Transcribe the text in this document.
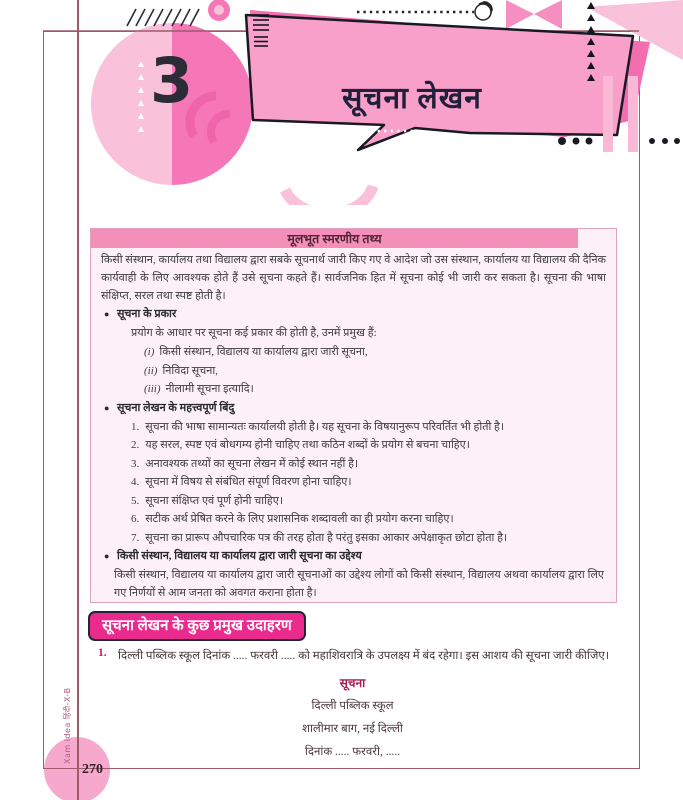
3	सूचना लेखन
मूलभूत स्मरणीय तथ्य

किसी संस्थान, कार्यालय तथा विद्यालय द्वारा सबके सूचनार्थ जारी किए गए वे आदेश जो उस संस्थान, कार्यालय या विद्यालय की दैनिक कार्यवाही के लिए आवश्यक होते हैं उसे सूचना कहते हैं। सार्वजनिक हित में सूचना कोई भी जारी कर सकता है। सूचना की भाषा संक्षिप्त, सरल तथा स्पष्ट होती है।

● सूचना के प्रकार
प्रयोग के आधार पर सूचना कई प्रकार की होती है, उनमें प्रमुख हैं:
(i) किसी संस्थान, विद्यालय या कार्यालय द्वारा जारी सूचना,
(ii) निविदा सूचना,
(iii) नीलामी सूचना इत्यादि।
● सूचना लेखन के महत्त्वपूर्ण बिंदु
1. सूचना की भाषा सामान्यतः कार्यालयी होती है। यह सूचना के विषयानुरूप परिवर्तित भी होती है।
2. यह सरल, स्पष्ट एवं बोधगम्य होनी चाहिए तथा कठिन शब्दों के प्रयोग से बचना चाहिए।
3. अनावश्यक तथ्यों का सूचना लेखन में कोई स्थान नहीं है।
4. सूचना में विषय से संबंधित संपूर्ण विवरण होना चाहिए।
5. सूचना संक्षिप्त एवं पूर्ण होनी चाहिए।
6. सटीक अर्थ प्रेषित करने के लिए प्रशासनिक शब्दावली का ही प्रयोग करना चाहिए।
7. सूचना का प्रारूप औपचारिक पत्र की तरह होता है परंतु इसका आकार अपेक्षाकृत छोटा होता है।
● किसी संस्थान, विद्यालय या कार्यालय द्वारा जारी सूचना का उद्देश्य

किसी संस्थान, विद्यालय या कार्यालय द्वारा जारी सूचनाओं का उद्देश्य लोगों को किसी संस्थान, विद्यालय अथवा कार्यालय द्वारा लिए गए निर्णयों से आम जनता को अवगत कराना होता है।

सूचना लेखन के कुछ प्रमुख उदाहरण
1. दिल्ली पब्लिक स्कूल दिनांक ..... फरवरी ..... को महाशिवरात्रि के उपलक्ष्य में बंद रहेगा। इस आशय की सूचना जारी कीजिए।
सूचना
दिल्ली पब्लिक स्कूल
शालीमार बाग, नई दिल्ली
दिनांक ..... फरवरी, .....
Xam idea हिंदी-X-B
270
